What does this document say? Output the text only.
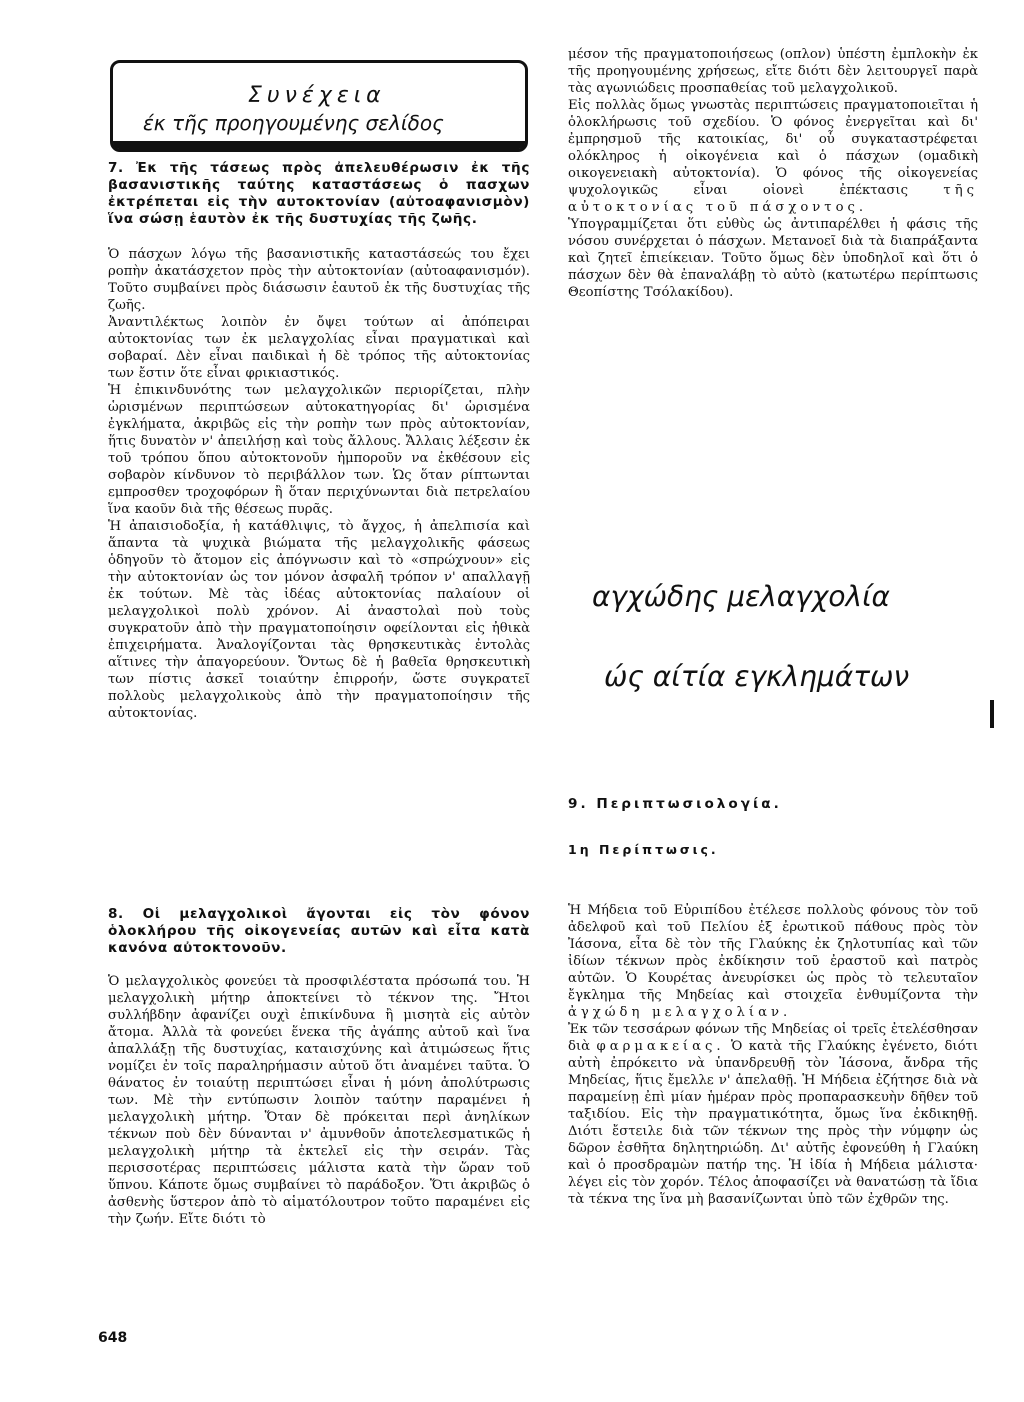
Συνέχεια

έκ τῆς προηγουμένης σελίδος

7. Ἐκ τῆς τάσεως πρὸς ἀπελευθέρωσιν ἐκ τῆς βασανιστικῆς ταύτης καταστάσεως ὁ πασχων ἐκτρέπεται εἰς τὴν αυτοκτονίαν (αὐτοαφανισμὸν) ἵνα σώσῃ ἑαυτὸν ἐκ τῆς δυστυχίας τῆς ζωῆς.

Ὁ πάσχων λόγω τῆς βασανιστικῆς καταστάσεώς του ἔχει ροπὴν ἀκατάσχετον πρὸς τὴν αὐτοκτονίαν (αὐτοαφανισμόν). Τοῦτο συμβαίνει πρὸς διάσωσιν ἑαυτοῦ ἐκ τῆς δυστυχίας τῆς ζωῆς.

Ἀναντιλέκτως λοιπὸν ἐν ὄψει τούτων αἱ ἀπόπειραι αὐτοκτονίας των ἐκ μελαγχολίας εἶναι πραγματικαὶ καὶ σοβαραί. Δὲν εἶναι παιδικαὶ ἡ δὲ τρόπος τῆς αὐτοκτονίας των ἔστιν ὅτε εἶναι φρικιαστικός.

Ἡ ἐπικινδυνότης των μελαγχολικῶν περιορίζεται, πλὴν ὡρισμένων περιπτώσεων αὐτοκατηγορίας δι' ὡρισμένα ἐγκλήματα, ἀκριβῶς εἰς τὴν ροπὴν των πρὸς αὐτοκτονίαν, ἥτις δυνατὸν ν' ἀπειλήσῃ καὶ τοὺς ἄλλους. Ἄλλαις λέξεσιν ἐκ τοῦ τρόπου ὅπου αὐτοκτονοῦν ἠμποροῦν να ἐκθέσουν εἰς σοβαρὸν κίνδυνον τὸ περιβάλλον των. Ὡς ὅταν ρίπτωνται εμπροσθεν τροχοφόρων ἢ ὅταν περιχύνωνται διὰ πετρελαίου ἵνα καοῦν διὰ τῆς θέσεως πυρᾶς.

Ἡ ἀπαισιοδοξία, ἡ κατάθλιψις, τὸ ἄγχος, ἡ ἀπελπισία καὶ ἅπαντα τὰ ψυχικὰ βιώματα τῆς μελαγχολικῆς φάσεως ὁδηγοῦν τὸ ἄτομον εἰς ἀπόγνωσιν καὶ τὸ «σπρώχνουν» εἰς τὴν αὐτοκτονίαν ὡς τον μόνον ἀσφαλῆ τρόπον ν' απαλλαγῇ ἐκ τούτων. Μὲ τὰς ἰδέας αὐτοκτονίας παλαίουν οἱ μελαγχολικοὶ πολὺ χρόνον. Αἱ ἀναστολαὶ ποὺ τοὺς συγκρατοῦν ἀπὸ τὴν πραγματοποίησιν οφείλονται εἰς ἠθικὰ ἐπιχειρήματα. Ἀναλογίζονται τὰς θρησκευτικὰς ἐντολὰς αἵτινες τὴν ἀπαγορεύουν. Ὄντως δὲ ἡ βαθεῖα θρησκευτικὴ των πίστις ἀσκεῖ τοιαύτην ἐπιρροήν, ὥστε συγκρατεῖ πολλοὺς μελαγχολικοὺς ἀπὸ τὴν πραγματοποίησιν τῆς αὐτοκτονίας.

8. Οἱ μελαγχολικοὶ ἄγονται εἰς τὸν φόνον ὁλοκλήρου τῆς οἰκογενείας αυτῶν καὶ εἶτα κατὰ κανόνα αὐτοκτονοῦν.

Ὁ μελαγχολικὸς φονεύει τὰ προσφιλέστατα πρόσωπά του. Ἡ μελαγχολικὴ μήτηρ ἀποκτείνει τὸ τέκνον της. Ἤτοι συλλήβδην ἀφανίζει ουχὶ ἐπικίνδυνα ἢ μισητὰ εἰς αὐτὸν ἄτομα. Ἀλλὰ τὰ φονεύει ἕνεκα τῆς ἀγάπης αὐτοῦ καὶ ἵνα ἀπαλλάξῃ τῆς δυστυχίας, καταισχύνης καὶ ἀτιμώσεως ἥτις νομίζει ἐν τοῖς παραληρήμασιν αὐτοῦ ὅτι ἀναμένει ταῦτα. Ὁ θάνατος ἐν τοιαύτῃ περιπτώσει εἶναι ἡ μόνη ἀπολύτρωσις των. Μὲ τὴν εντύπωσιν λοιπὸν ταύτην παραμένει ἡ μελαγχολικὴ μήτηρ. Ὅταν δὲ πρόκειται περὶ ἀνηλίκων τέκνων ποὺ δὲν δύνανται ν' ἀμυνθοῦν ἀποτελεσματικῶς ἡ μελαγχολικὴ μήτηρ τὰ ἐκτελεῖ εἰς τὴν σειράν. Τὰς περισσοτέρας περιπτώσεις μάλιστα κατὰ τὴν ὥραν τοῦ ὕπνου. Κάποτε ὅμως συμβαίνει τὸ παράδοξον. Ὅτι ἀκριβῶς ὁ ἀσθενὴς ὕστερον ἀπὸ τὸ αἱματόλουτρον τοῦτο παραμένει εἰς τὴν ζωήν. Εἴτε διότι τὸ

μέσον τῆς πραγματοποιήσεως (οπλον) ὑπέστη ἐμπλοκὴν ἐκ τῆς προηγουμένης χρήσεως, εἴτε διότι δὲν λειτουργεῖ παρὰ τὰς αγωνιώδεις προσπαθείας τοῦ μελαγχολικοῦ.

Εἰς πολλὰς ὅμως γνωστὰς περιπτώσεις πραγματοποιεῖται ἡ ὁλοκλήρωσις τοῦ σχεδίου. Ὁ φόνος ἐνεργεῖται καὶ δι' ἐμπρησμοῦ τῆς κατοικίας, δι' οὗ συγκαταστρέφεται ολόκληρος ἡ οἰκογένεια καὶ ὁ πάσχων (ομαδικὴ οικογενειακὴ αὐτοκτονία). Ὁ φόνος τῆς οἰκογενείας ψυχολογικῶς εἶναι οἱονεὶ ἐπέκτασις	τῆς αὐτοκτονίας τοῦ πάσχοντος.

Ὑπογραμμίζεται ὅτι εὐθὺς ὡς ἀντιπαρέλθει ἡ φάσις τῆς νόσου συνέρχεται ὁ πάσχων. Μετανοεῖ διὰ τὰ διαπράξαντα καὶ ζητεῖ ἐπιείκειαν. Τοῦτο ὅμως δὲν ὑποδηλοῖ καὶ ὅτι ὁ πάσχων δὲν θὰ ἐπαναλάβῃ τὸ αὐτὸ (κατωτέρω περίπτωσις Θεοπίστης Τσόλακίδου).

αγχώδης μελαγχολία

ώς αίτία εγκλημάτων

9. Περιπτωσιολογία.

1η Περίπτωσις.

Ἡ Μήδεια τοῦ Εὐριπίδου ἐτέλεσε πολλοὺς φόνους τὸν τοῦ ἀδελφοῦ καὶ τοῦ Πελίου ἐξ ἐρωτικοῦ πάθους πρὸς τὸν Ἰάσονα, εἶτα δὲ τὸν τῆς Γλαύκης ἐκ ζηλοτυπίας καὶ τῶν ἰδίων τέκνων πρὸς ἐκδίκησιν τοῦ ἐραστοῦ καὶ πατρὸς αὐτῶν. Ὁ Κουρέτας ἀνευρίσκει ὡς πρὸς τὸ τελευταῖον ἔγκλημα τῆς Μηδείας καὶ στοιχεῖα ἐνθυμίζοντα τὴν ἀγχώδη μελαγχολίαν.

Ἐκ τῶν τεσσάρων φόνων τῆς Μηδείας οἱ τρεῖς ἐτελέσθησαν διὰ φαρμακείας. Ὁ κατὰ τῆς Γλαύκης ἐγένετο, διότι αὐτὴ ἐπρόκειτο νὰ ὑπανδρευθῇ τὸν Ἰάσονα, ἄνδρα τῆς Μηδείας, ἥτις ἔμελλε ν' ἀπελαθῇ. Ἡ Μήδεια ἐζήτησε διὰ νὰ παραμείνῃ ἐπὶ μίαν ἡμέραν πρὸς προπαρασκευὴν δῆθεν τοῦ ταξιδίου. Εἰς τὴν πραγματικότητα, ὅμως ἵνα ἐκδικηθῇ. Διότι ἔστειλε διὰ τῶν τέκνων της πρὸς τὴν νύμφην ὡς δῶρον ἐσθῆτα δηλητηριώδη. Δι' αὐτῆς ἐφονεύθη ἡ Γλαύκη καὶ ὁ προσδραμὼν πατήρ της. Ἡ ἰδία ἡ Μήδεια μάλιστα· λέγει εἰς τὸν χορόν. Τέλος ἀποφασίζει νὰ θανατώσῃ τὰ ἴδια τὰ τέκνα της ἵνα μὴ βασανίζωνται ὑπὸ τῶν ἐχθρῶν της.

648
